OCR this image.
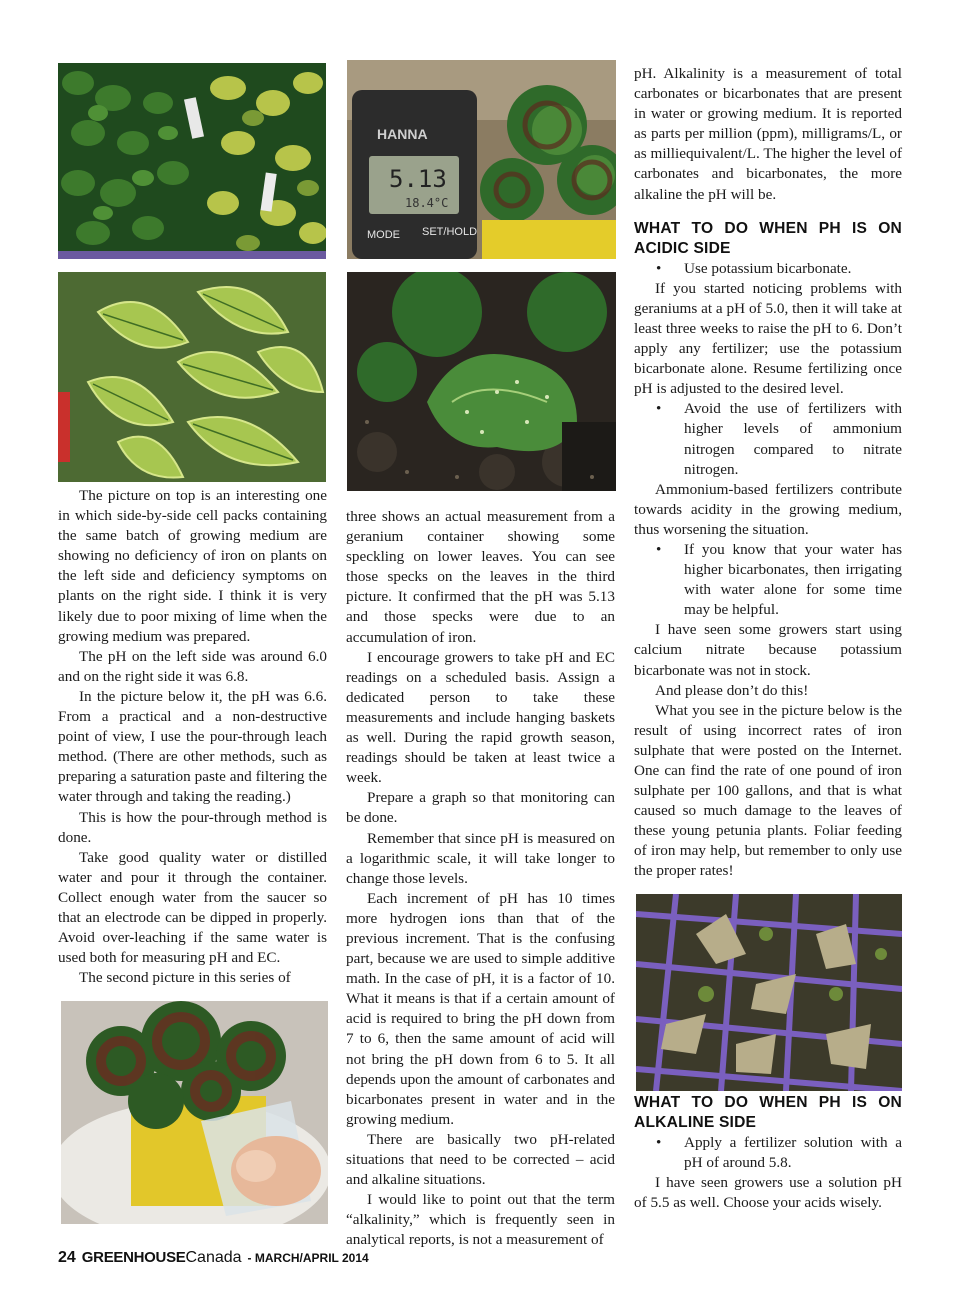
HANNA
5.13
18.4°C
MODE SET/HOLD

The picture on top is an interesting one in which side-by-side cell packs containing the same batch of growing medium are showing no deficiency of iron on plants on the left side and deficiency symptoms on plants on the right side. I think it is very likely due to poor mixing of lime when the growing medium was prepared.

The pH on the left side was around 6.0 and on the right side it was 6.8.

In the picture below it, the pH was 6.6. From a practical and a non-destructive point of view, I use the pour-through leach method. (There are other methods, such as preparing a saturation paste and filtering the water through and taking the reading.)

This is how the pour-through method is done.

Take good quality water or distilled water and pour it through the container. Collect enough water from the saucer so that an electrode can be dipped in properly. Avoid over-leaching if the same water is used both for measuring pH and EC.

The second picture in this series of

three shows an actual measurement from a geranium container showing some speckling on lower leaves. You can see those specks on the leaves in the third picture. It confirmed that the pH was 5.13 and those specks were due to an accumulation of iron.

I encourage growers to take pH and EC readings on a scheduled basis. Assign a dedicated person to take these measurements and include hanging baskets as well. During the rapid growth season, readings should be taken at least twice a week.

Prepare a graph so that monitoring can be done.

Remember that since pH is measured on a logarithmic scale, it will take longer to change those levels.

Each increment of pH has 10 times more hydrogen ions than that of the previous increment. That is the confusing part, because we are used to simple additive math. In the case of pH, it is a factor of 10. What it means is that if a certain amount of acid is required to bring the pH down from 7 to 6, then the same amount of acid will not bring the pH down from 6 to 5. It all depends upon the amount of carbonates and bicarbonates present in water and in the growing medium.

There are basically two pH-related situations that need to be corrected – acid and alkaline situations.

I would like to point out that the term “alkalinity,” which is frequently seen in analytical reports, is not a measurement of

pH. Alkalinity is a measurement of total carbonates or bicarbonates that are present in water or growing medium. It is reported as parts per million (ppm), milligrams/L, or as milliequivalent/L. The higher the level of carbonates and bicarbonates, the more alkaline the pH will be.

WHAT TO DO WHEN PH IS ON ACIDIC SIDE

• Use potassium bicarbonate.

If you started noticing problems with geraniums at a pH of 5.0, then it will take at least three weeks to raise the pH to 6. Don’t apply any fertilizer; use the potassium bicarbonate alone. Resume fertilizing once pH is adjusted to the desired level.

• Avoid the use of fertilizers with higher levels of ammonium nitrogen compared to nitrate nitrogen.

Ammonium-based fertilizers contribute towards acidity in the growing medium, thus worsening the situation.

• If you know that your water has higher bicarbonates, then irrigating with water alone for some time may be helpful.

I have seen some growers start using calcium nitrate because potassium bicarbonate was not in stock.

And please don’t do this!

What you see in the picture below is the result of using incorrect rates of iron sulphate that were posted on the Internet. One can find the rate of one pound of iron sulphate per 100 gallons, and that is what caused so much damage to the leaves of these young petunia plants. Foliar feeding of iron may help, but remember to only use the proper rates!

WHAT TO DO WHEN PH IS ON ALKALINE SIDE

• Apply a fertilizer solution with a pH of around 5.8.

I have seen growers use a solution pH of 5.5 as well. Choose your acids wisely.

24 GREENHOUSE Canada - MARCH/APRIL 2014
